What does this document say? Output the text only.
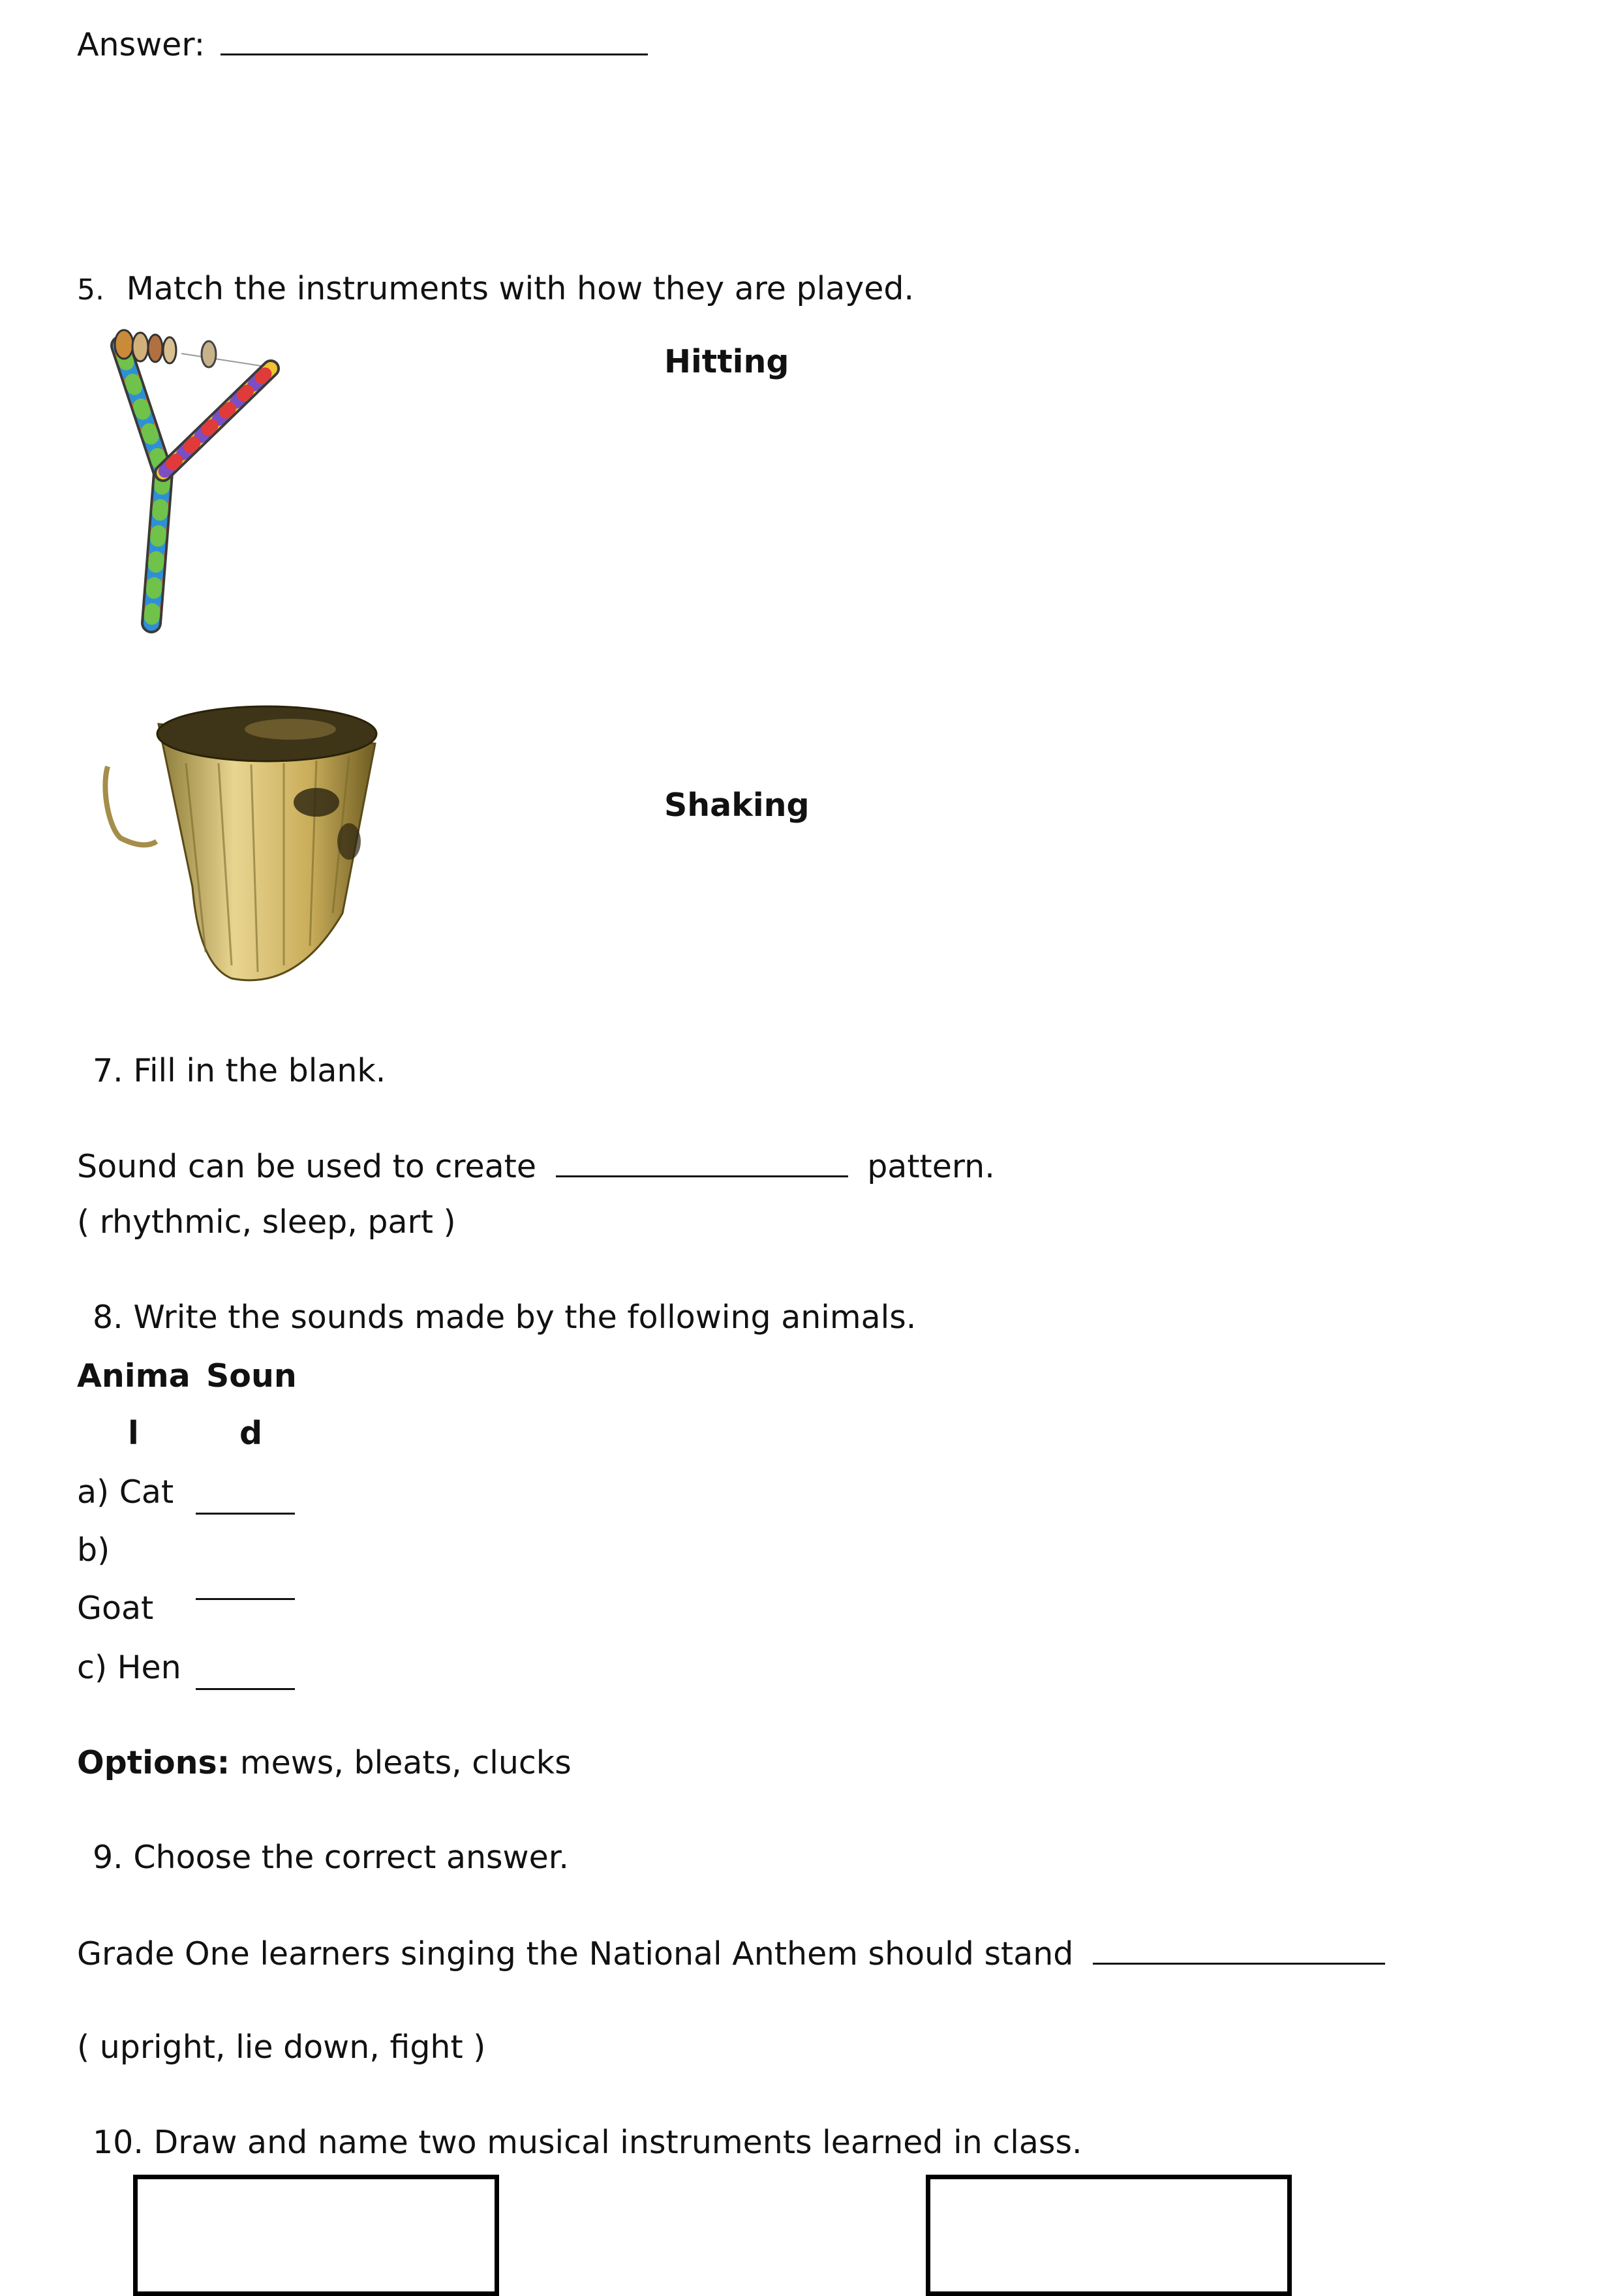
Answer:
5. Match the instruments with how they are played.
Hitting
Shaking
7. Fill in the blank.
Sound can be used to create	pattern.
( rhythmic, sleep, part )
8. Write the sounds made by the following animals.
Anima
l
Soun
d
a) Cat
b)
Goat
c) Hen
Options: mews, bleats, clucks
9. Choose the correct answer.
Grade One learners singing the National Anthem should stand
( upright, lie down, fight )
10. Draw and name two musical instruments learned in class.
